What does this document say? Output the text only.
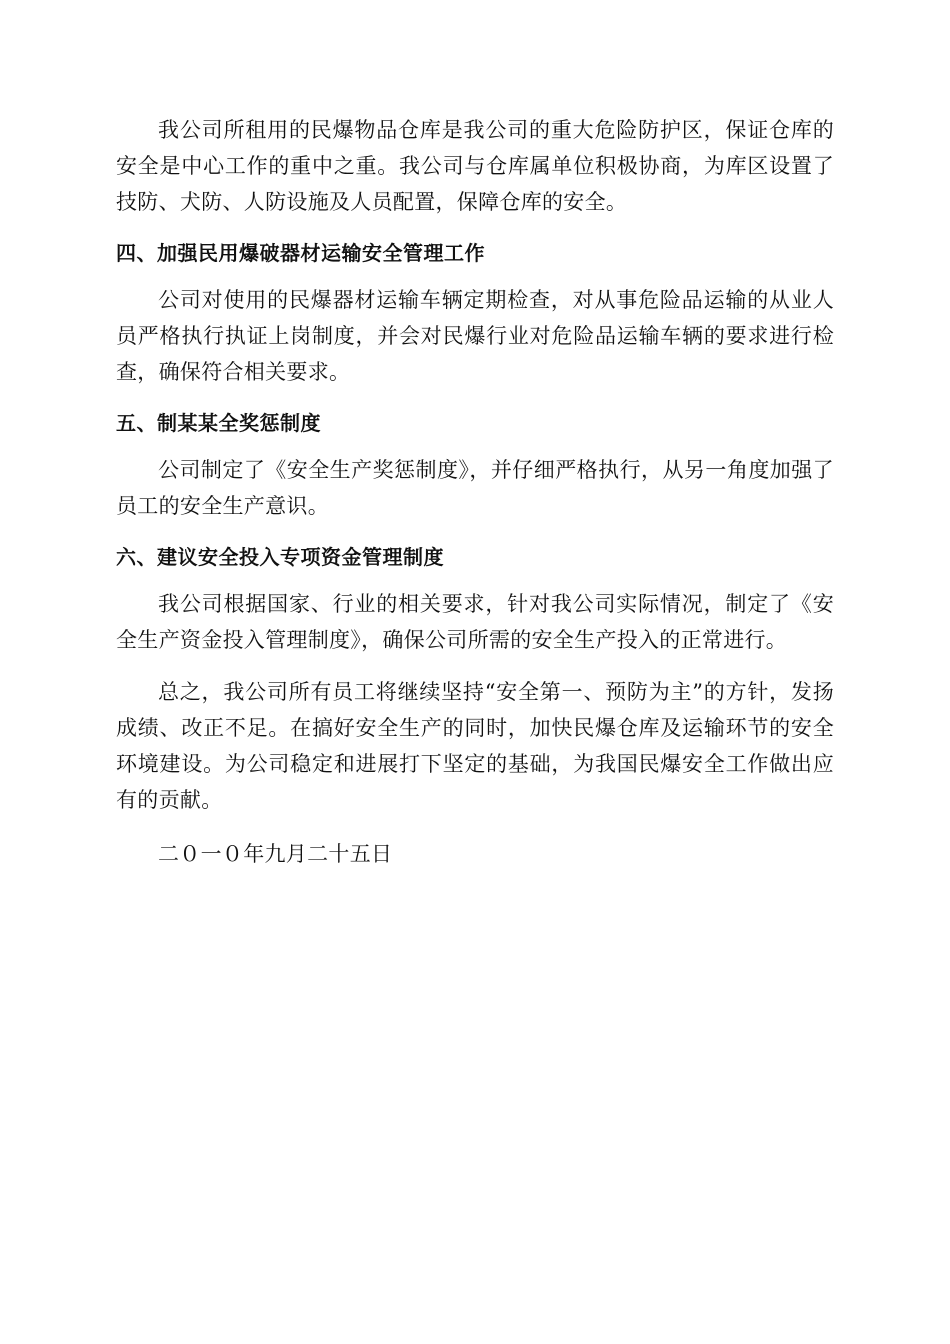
我公司所租用的民爆物品仓库是我公司的重大危险防护区，保证仓库的安全是中心工作的重中之重。我公司与仓库属单位积极协商，为库区设置了技防、犬防、人防设施及人员配置，保障仓库的安全。

四、加强民用爆破器材运输安全管理工作

公司对使用的民爆器材运输车辆定期检查，对从事危险品运输的从业人员严格执行执证上岗制度，并会对民爆行业对危险品运输车辆的要求进行检查，确保符合相关要求。

五、制某某全奖惩制度

公司制定了《安全生产奖惩制度》，并仔细严格执行，从另一角度加强了员工的安全生产意识。

六、建议安全投入专项资金管理制度

我公司根据国家、行业的相关要求，针对我公司实际情况，制定了《安全生产资金投入管理制度》，确保公司所需的安全生产投入的正常进行。

总之，我公司所有员工将继续坚持“安全第一、预防为主”的方针，发扬成绩、改正不足。在搞好安全生产的同时，加快民爆仓库及运输环节的安全环境建设。为公司稳定和进展打下坚定的基础，为我国民爆安全工作做出应有的贡献。

二０一０年九月二十五日
